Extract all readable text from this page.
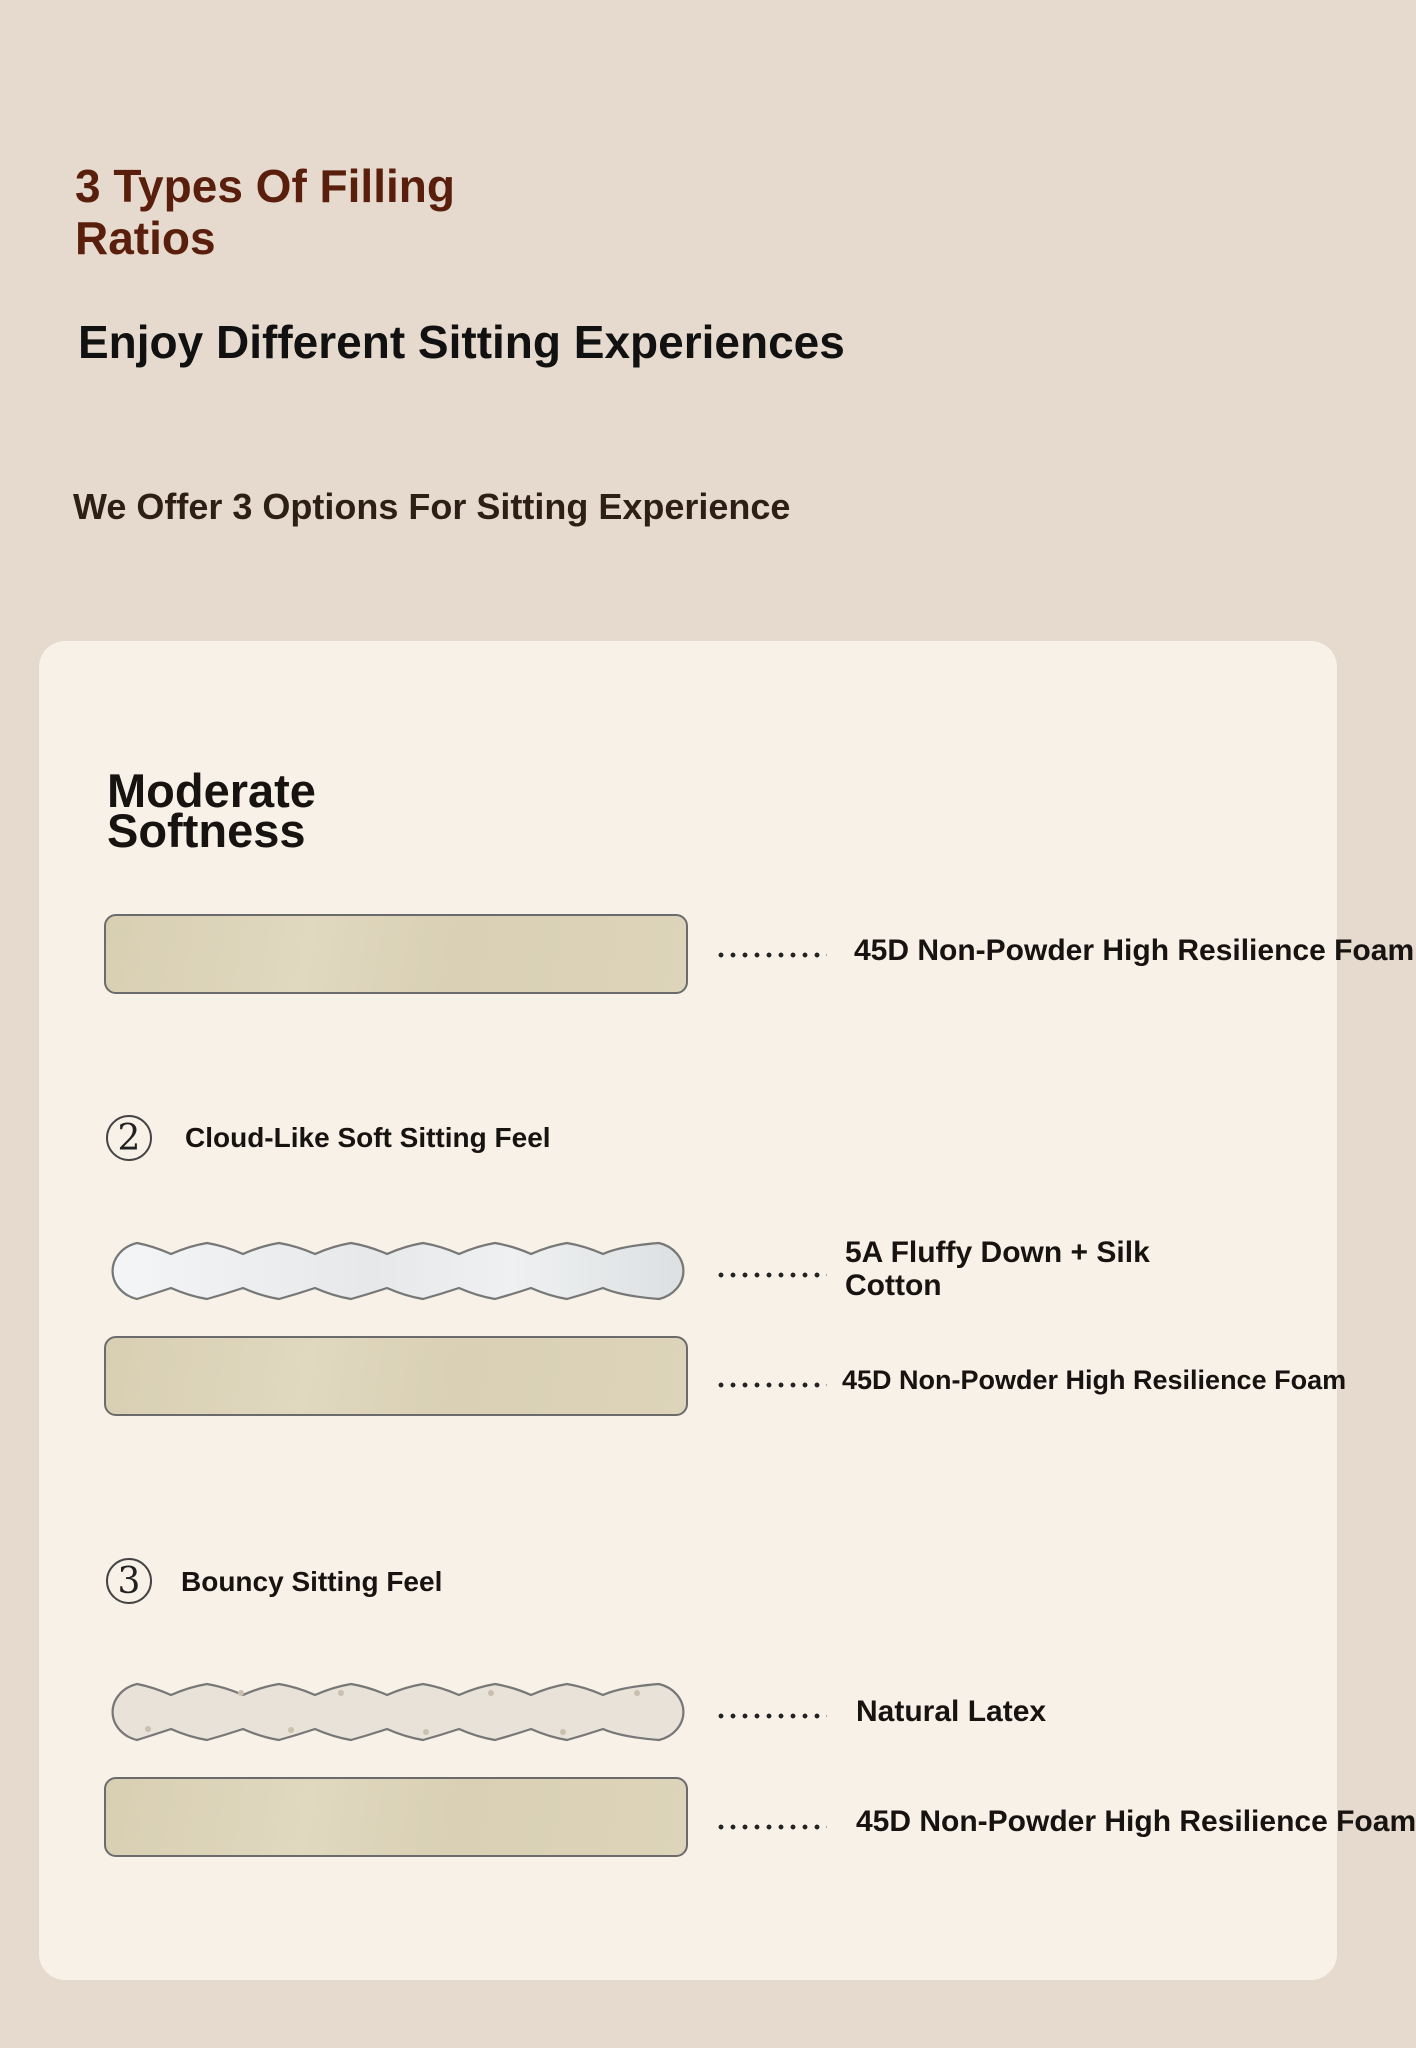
3 Types Of Filling Ratios
Enjoy Different Sitting Experiences

We Offer 3 Options For Sitting Experience

Moderate Softness
45D Non-Powder High Resilience Foam
2	Cloud-Like Soft Sitting Feel
5A Fluffy Down + Silk Cotton
45D Non-Powder High Resilience Foam
3	Bouncy Sitting Feel
Natural Latex
45D Non-Powder High Resilience Foam
